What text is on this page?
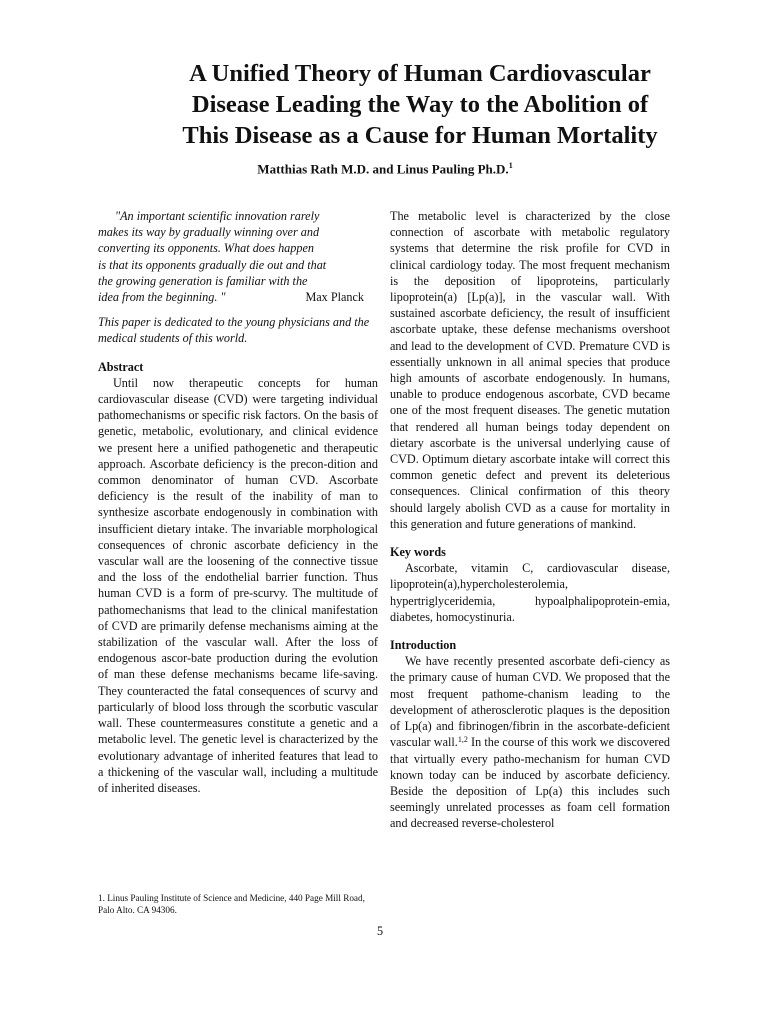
A Unified Theory of Human Cardiovascular
Disease Leading the Way to the Abolition of
This Disease as a Cause for Human Mortality
Matthias Rath M.D. and Linus Pauling Ph.D.$^1$
"An important scientific innovation rarely
makes its way by gradually winning over and
converting its opponents. What does happen
is that its opponents gradually die out and that
the growing generation is familiar with the
idea from the beginning. "	Max Planck

This paper is dedicated to the young physicians and the medical students of this world.

Abstract

Until now therapeutic concepts for human cardiovascular disease (CVD) were targeting individual pathomechanisms or specific risk factors. On the basis of genetic, metabolic, evolutionary, and clinical evidence we present here a unified pathogenetic and therapeutic approach. Ascorbate deficiency is the precon-dition and common denominator of human CVD. Ascorbate deficiency is the result of the inability of man to synthesize ascorbate endogenously in combination with insufficient dietary intake. The invariable morphological consequences of chronic ascorbate deficiency in the vascular wall are the loosening of the connective tissue and the loss of the endothelial barrier function. Thus human CVD is a form of pre-scurvy. The multitude of pathomechanisms that lead to the clinical manifestation of CVD are primarily defense mechanisms aiming at the stabilization of the vascular wall. After the loss of endogenous ascor-bate production during the evolution of man these defense mechanisms became life-saving. They counteracted the fatal consequences of scurvy and particularly of blood loss through the scorbutic vascular wall. These countermeasures constitute a genetic and a metabolic level. The genetic level is characterized by the evolutionary advantage of inherited features that lead to a thickening of the vascular wall, including a multitude of inherited diseases.

The metabolic level is characterized by the close connection of ascorbate with metabolic regulatory systems that determine the risk profile for CVD in clinical cardiology today. The most frequent mechanism is the deposition of lipoproteins, particularly lipoprotein(a) [Lp(a)], in the vascular wall. With sustained ascorbate deficiency, the result of insufficient ascorbate uptake, these defense mechanisms overshoot and lead to the development of CVD. Premature CVD is essentially unknown in all animal species that produce high amounts of ascorbate endogenously. In humans, unable to produce endogenous ascorbate, CVD became one of the most frequent diseases. The genetic mutation that rendered all human beings today dependent on dietary ascorbate is the universal underlying cause of CVD. Optimum dietary ascorbate intake will correct this common genetic defect and prevent its deleterious consequences. Clinical confirmation of this theory should largely abolish CVD as a cause for mortality in this generation and future generations of mankind.

Key words

Ascorbate, vitamin C, cardiovascular disease, lipoprotein(a),hypercholesterolemia, hypertriglyceridemia, hypoalphalipoprotein-emia, diabetes, homocystinuria.

Introduction

We have recently presented ascorbate defi-ciency as the primary cause of human CVD. We proposed that the most frequent pathome-chanism leading to the development of atherosclerotic plaques is the deposition of Lp(a) and fibrinogen/fibrin in the ascorbate-deficient vascular wall.$^{1,2}$ In the course of this work we discovered that virtually every patho-mechanism for human CVD known today can be induced by ascorbate deficiency. Beside the deposition of Lp(a) this includes such seemingly unrelated processes as foam cell formation and decreased reverse-cholesterol

1. Linus Pauling Institute of Science and Medicine, 440 Page Mill Road, Palo Alto. CA 94306.
5
